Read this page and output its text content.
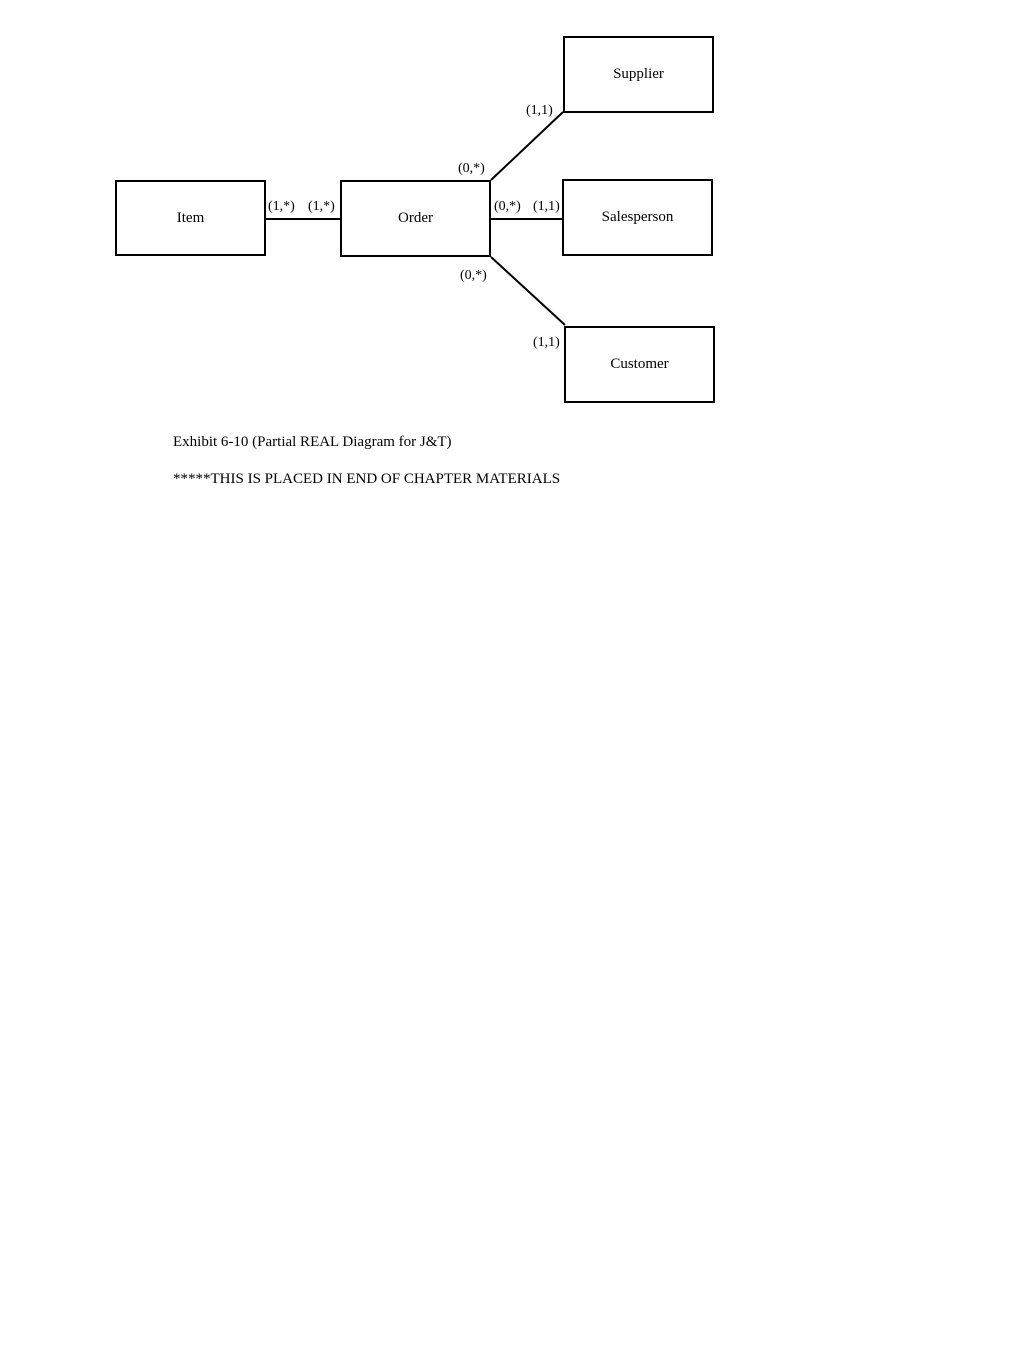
Item	Order
Supplier
Salesperson
Customer
(1,*) (1,*)
(0,*)
(1,1)
(0,*) (1,1)
(0,*)
(1,1)
Exhibit 6-10 (Partial REAL Diagram for J&T)
*****THIS IS PLACED IN END OF CHAPTER MATERIALS
